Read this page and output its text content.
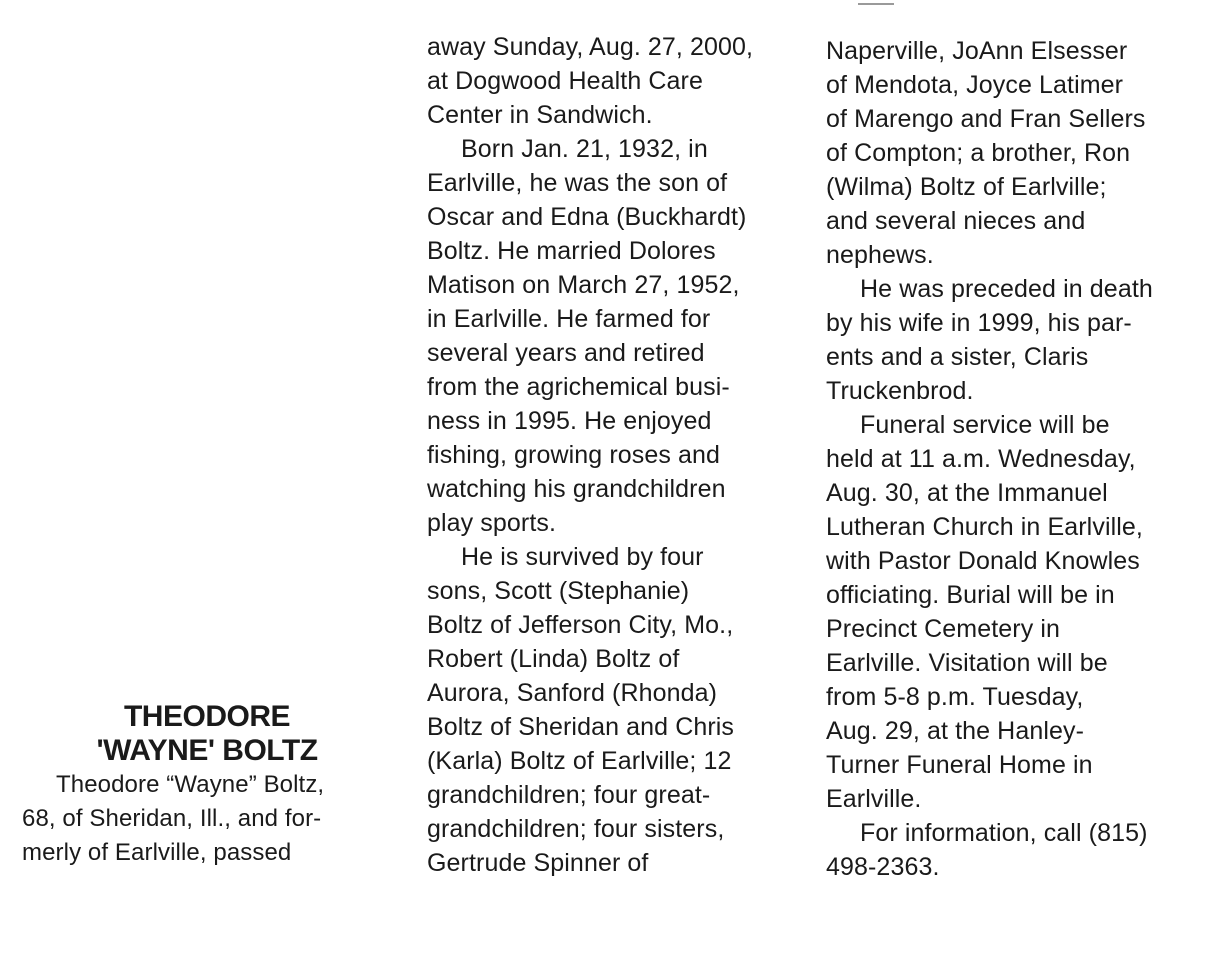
THEODORE
'WAYNE' BOLTZ
Theodore “Wayne” Boltz,
68, of Sheridan, Ill., and for-
merly of Earlville, passed
away Sunday, Aug. 27, 2000,
at Dogwood Health Care
Center in Sandwich.
Born Jan. 21, 1932, in
Earlville, he was the son of
Oscar and Edna (Buckhardt)
Boltz. He married Dolores
Matison on March 27, 1952,
in Earlville. He farmed for
several years and retired
from the agrichemical busi-
ness in 1995. He enjoyed
fishing, growing roses and
watching his grandchildren
play sports.
He is survived by four
sons, Scott (Stephanie)
Boltz of Jefferson City, Mo.,
Robert (Linda) Boltz of
Aurora, Sanford (Rhonda)
Boltz of Sheridan and Chris
(Karla) Boltz of Earlville; 12
grandchildren; four great-
grandchildren; four sisters,
Gertrude Spinner of
Naperville, JoAnn Elsesser
of Mendota, Joyce Latimer
of Marengo and Fran Sellers
of Compton; a brother, Ron
(Wilma) Boltz of Earlville;
and several nieces and
nephews.
He was preceded in death
by his wife in 1999, his par-
ents and a sister, Claris
Truckenbrod.
Funeral service will be
held at 11 a.m. Wednesday,
Aug. 30, at the Immanuel
Lutheran Church in Earlville,
with Pastor Donald Knowles
officiating. Burial will be in
Precinct Cemetery in
Earlville. Visitation will be
from 5-8 p.m. Tuesday,
Aug. 29, at the Hanley-
Turner Funeral Home in
Earlville.
For information, call (815)
498-2363.
